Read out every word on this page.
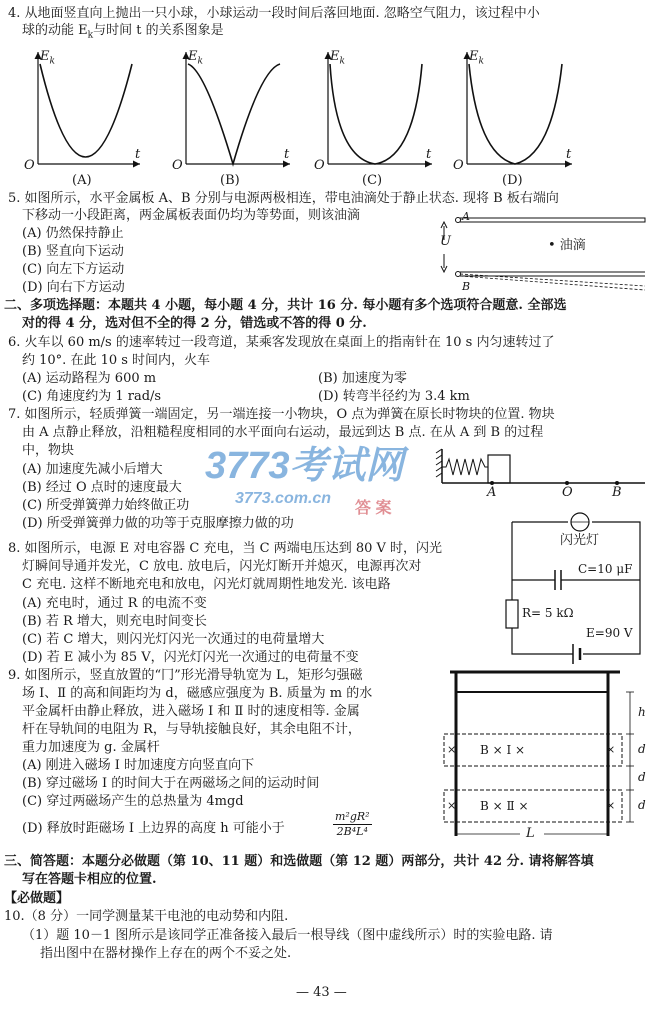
4. 从地面竖直向上抛出一只小球，小球运动一段时间后落回地面. 忽略空气阻力，该过程中小
球的动能 $E_k$与时间 t 的关系图象是
$E_k$	$E_k$	$E_k$	$E_k$
t	t	t	t
O	O	O	O
(A)	(B)	(C)	(D)
5. 如图所示，水平金属板 A、B 分别与电源两极相连，带电油滴处于静止状态. 现将 B 板右端向
下移动一小段距离，两金属板表面仍均为等势面，则该油滴
(A) 仍然保持静止
(B) 竖直向下运动
(C) 向左下方运动
(D) 向右下方运动
A
U	• 油滴
B
二、多项选择题：本题共 4 小题，每小题 4 分，共计 16 分. 每小题有多个选项符合题意. 全部选
对的得 4 分，选对但不全的得 2 分，错选或不答的得 0 分.
6. 火车以 60 m/s 的速率转过一段弯道，某乘客发现放在桌面上的指南针在 10 s 内匀速转过了
约 10°. 在此 10 s 时间内，火车
(A) 运动路程为 600 m	(B) 加速度为零
(C) 角速度约为 1 rad/s	(D) 转弯半径约为 3.4 km
7. 如图所示，轻质弹簧一端固定，另一端连接一小物块，O 点为弹簧在原长时物块的位置. 物块
由 A 点静止释放，沿粗糙程度相同的水平面向右运动，最远到达 B 点. 在从 A 到 B 的过程
中，物块
(A) 加速度先减小后增大
(B) 经过 O 点时的速度最大
(C) 所受弹簧弹力始终做正功
(D) 所受弹簧弹力做的功等于克服摩擦力做的功
A	O	B
8. 如图所示，电源 E 对电容器 C 充电，当 C 两端电压达到 80 V 时，闪光
灯瞬间导通并发光，C 放电. 放电后，闪光灯断开并熄灭，电源再次对
C 充电. 这样不断地充电和放电，闪光灯就周期性地发光. 该电路
(A) 充电时，通过 R 的电流不变
(B) 若 R 增大，则充电时间变长
(C) 若 C 增大，则闪光灯闪光一次通过的电荷量增大
(D) 若 E 减小为 85 V，闪光灯闪光一次通过的电荷量不变
闪光灯
C=10 μF
R= 5 kΩ
E=90 V
9. 如图所示，竖直放置的“冂”形光滑导轨宽为 L，矩形匀强磁
场 Ⅰ、Ⅱ 的高和间距均为 d，磁感应强度为 B. 质量为 m 的水
平金属杆由静止释放，进入磁场 Ⅰ 和 Ⅱ 时的速度相等. 金属
杆在导轨间的电阻为 R，与导轨接触良好，其余电阻不计，
重力加速度为 g. 金属杆
(A) 刚进入磁场 Ⅰ 时加速度方向竖直向下
(B) 穿过磁场 Ⅰ 的时间大于在两磁场之间的运动时间
(C) 穿过两磁场产生的总热量为 4mgd
(D) 释放时距磁场 Ⅰ 上边界的高度 h 可能小于	$\frac{\text{m²gR²}}{\text{2B⁴L⁴}}$
h
d
d
d
× B × Ⅰ ×	×
× B × Ⅱ ×	×
L
三、简答题：本题分必做题（第 10、11 题）和选做题（第 12 题）两部分，共计 42 分. 请将解答填
写在答题卡相应的位置.
【必做题】
10.（8 分）一同学测量某干电池的电动势和内阻.
（1）题 10－1 图所示是该同学正准备接入最后一根导线（图中虚线所示）时的实验电路. 请
指出图中在器材操作上存在的两个不妥之处.
— 43 —
3773考试网
3773.com.cn
答 案
